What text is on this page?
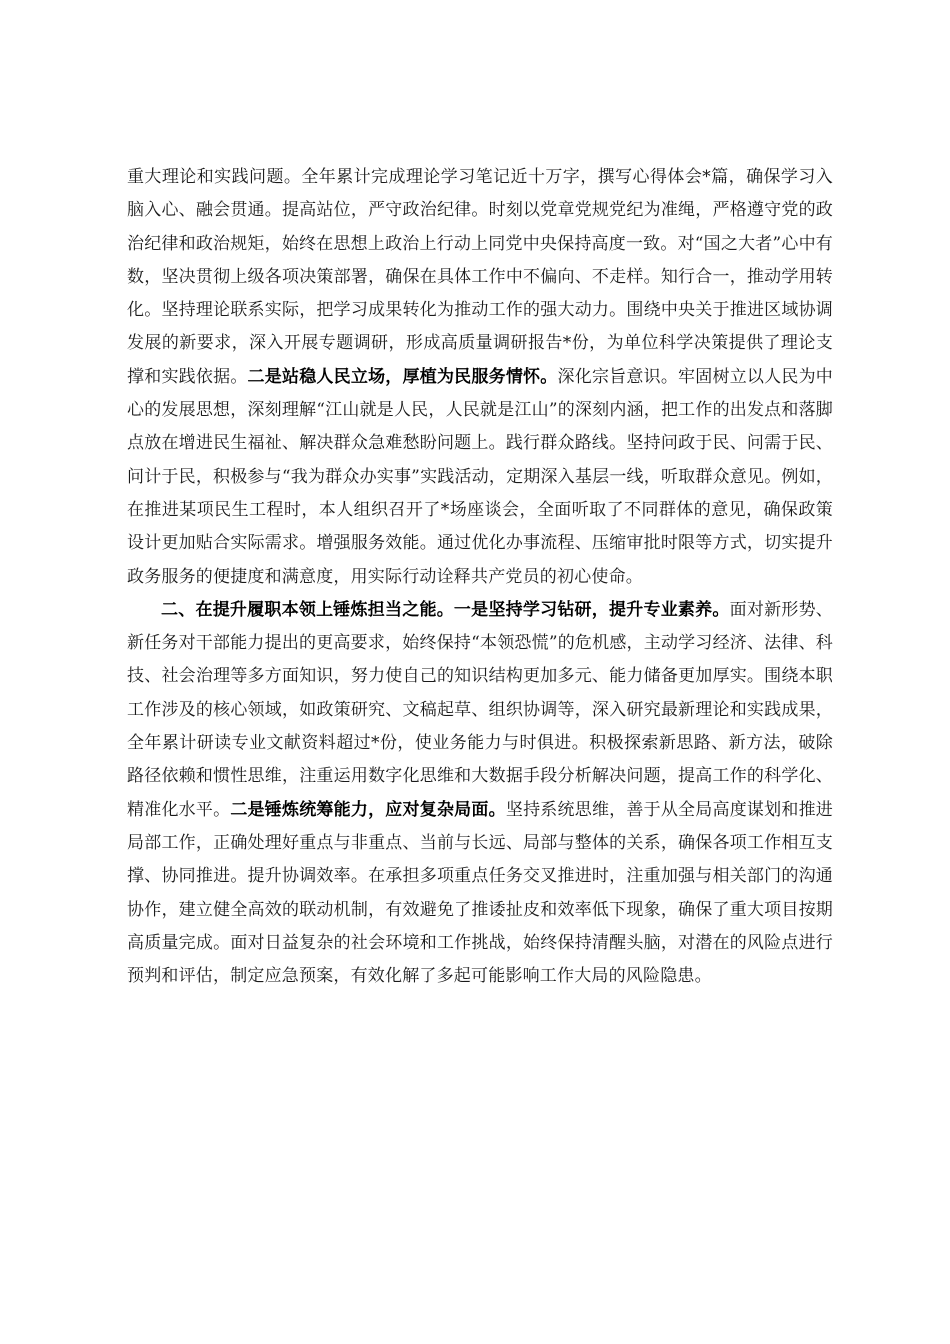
重大理论和实践问题。全年累计完成理论学习笔记近十万字，撰写心得体会*篇，确保学习入脑入心、融会贯通。提高站位，严守政治纪律。时刻以党章党规党纪为准绳，严格遵守党的政治纪律和政治规矩，始终在思想上政治上行动上同党中央保持高度一致。对“国之大者”心中有数，坚决贯彻上级各项决策部署，确保在具体工作中不偏向、不走样。知行合一，推动学用转化。坚持理论联系实际，把学习成果转化为推动工作的强大动力。围绕中央关于推进区域协调发展的新要求，深入开展专题调研，形成高质量调研报告*份，为单位科学决策提供了理论支撑和实践依据。二是站稳人民立场，厚植为民服务情怀。深化宗旨意识。牢固树立以人民为中心的发展思想，深刻理解“江山就是人民，人民就是江山”的深刻内涵，把工作的出发点和落脚点放在增进民生福祉、解决群众急难愁盼问题上。践行群众路线。坚持问政于民、问需于民、问计于民，积极参与“我为群众办实事”实践活动，定期深入基层一线，听取群众意见。例如，在推进某项民生工程时，本人组织召开了*场座谈会，全面听取了不同群体的意见，确保政策设计更加贴合实际需求。增强服务效能。通过优化办事流程、压缩审批时限等方式，切实提升政务服务的便捷度和满意度，用实际行动诠释共产党员的初心使命。

二、在提升履职本领上锤炼担当之能。一是坚持学习钻研，提升专业素养。面对新形势、新任务对干部能力提出的更高要求，始终保持“本领恐慌”的危机感，主动学习经济、法律、科技、社会治理等多方面知识，努力使自己的知识结构更加多元、能力储备更加厚实。围绕本职工作涉及的核心领域，如政策研究、文稿起草、组织协调等，深入研究最新理论和实践成果，全年累计研读专业文献资料超过*份，使业务能力与时俱进。积极探索新思路、新方法，破除路径依赖和惯性思维，注重运用数字化思维和大数据手段分析解决问题，提高工作的科学化、精准化水平。二是锤炼统筹能力，应对复杂局面。坚持系统思维，善于从全局高度谋划和推进局部工作，正确处理好重点与非重点、当前与长远、局部与整体的关系，确保各项工作相互支撑、协同推进。提升协调效率。在承担多项重点任务交叉推进时，注重加强与相关部门的沟通协作，建立健全高效的联动机制，有效避免了推诿扯皮和效率低下现象，确保了重大项目按期高质量完成。面对日益复杂的社会环境和工作挑战，始终保持清醒头脑，对潜在的风险点进行预判和评估，制定应急预案，有效化解了多起可能影响工作大局的风险隐患。
